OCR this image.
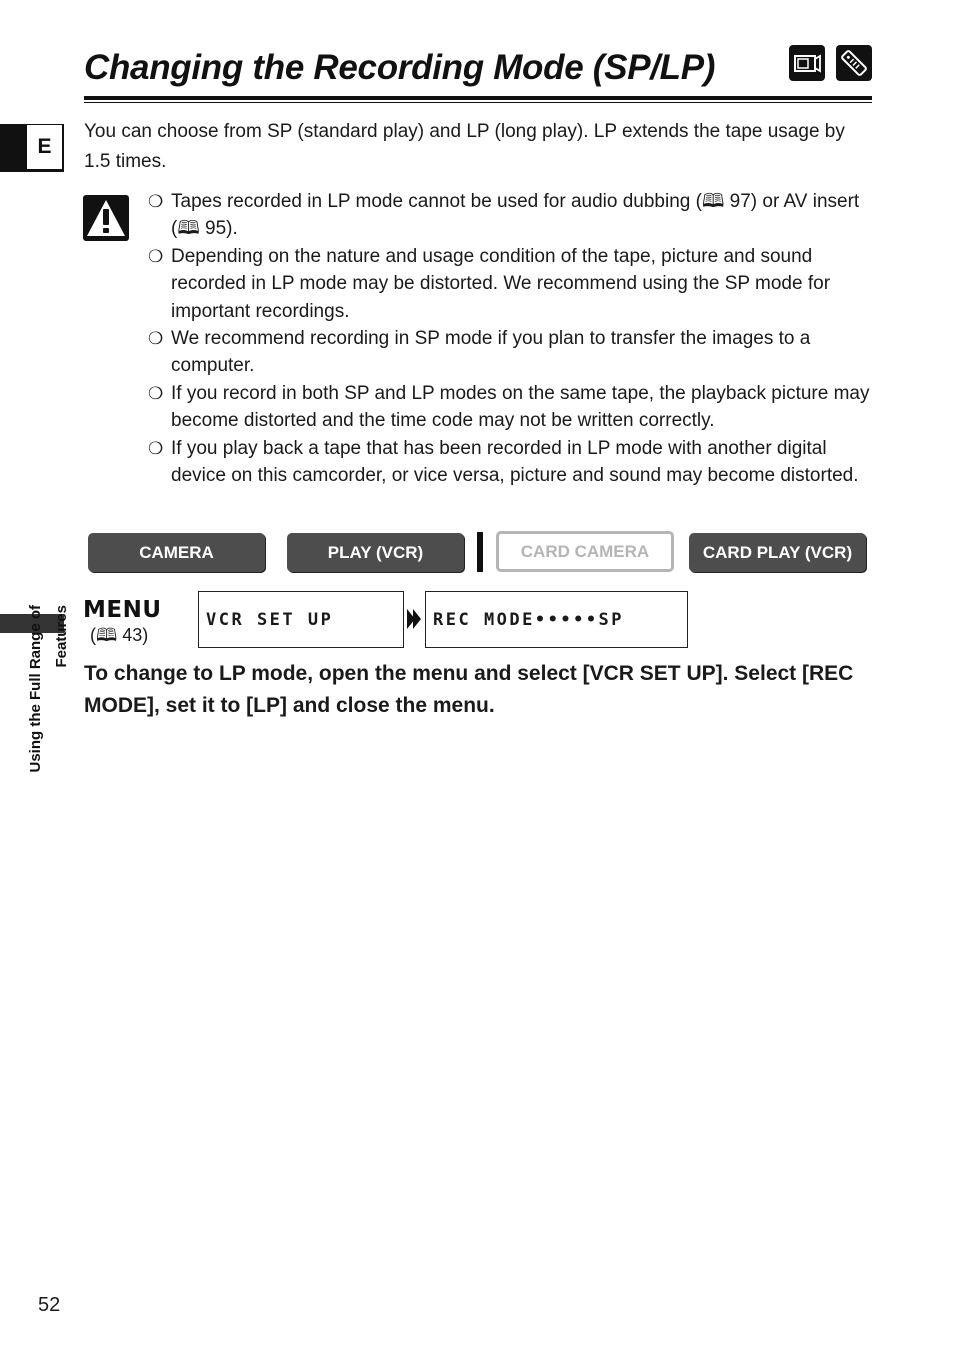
Changing the Recording Mode (SP/LP)
E

You can choose from SP (standard play) and LP (long play). LP extends the tape usage by 1.5 times.

❍ Tapes recorded in LP mode cannot be used for audio dubbing (🕮 97) or AV insert (🕮 95).
❍ Depending on the nature and usage condition of the tape, picture and sound recorded in LP mode may be distorted. We recommend using the SP mode for important recordings.
❍ We recommend recording in SP mode if you plan to transfer the images to a computer.
❍ If you record in both SP and LP modes on the same tape, the playback picture may become distorted and the time code may not be written correctly.
❍ If you play back a tape that has been recorded in LP mode with another digital device on this camcorder, or vice versa, picture and sound may become distorted.
CAMERA	PLAY (VCR)	CARD CAMERA	CARD PLAY (VCR)
MENU
(🕮 43)
VCR SET UP	REC MODE•••••SP

To change to LP mode, open the menu and select [VCR SET UP]. Select [REC MODE], set it to [LP] and close the menu.

Using the Full Range of Features
52
